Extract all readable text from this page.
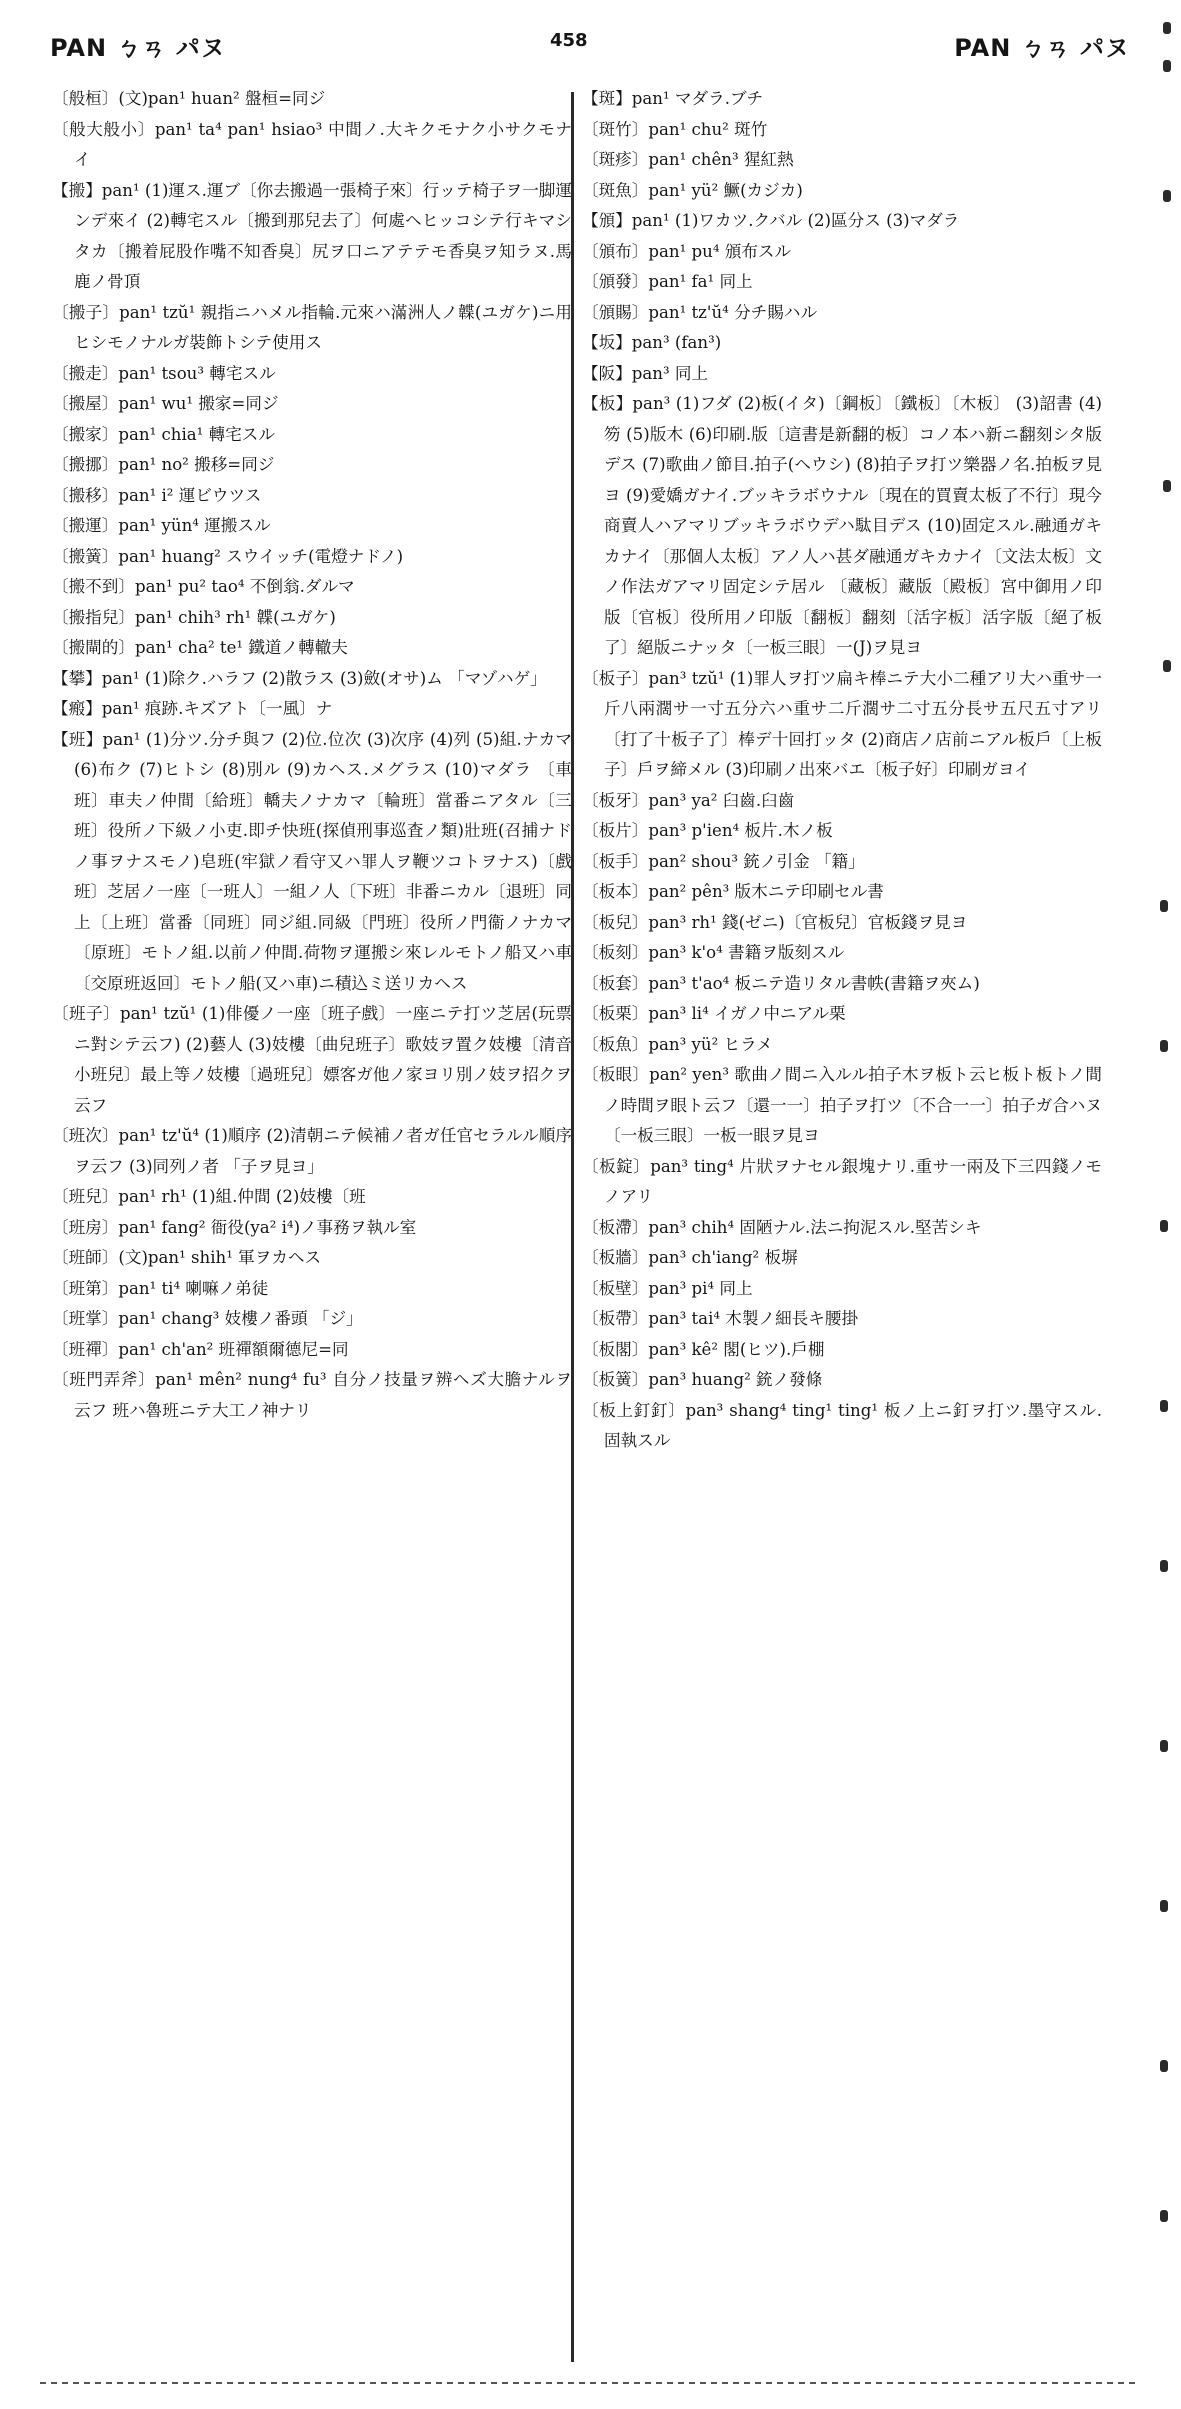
PAN ㄅㄢ パヌ	458	PAN ㄅㄢ パヌ

〔般桓〕(文)pan¹ huan² 盤桓=同ジ

〔般大般小〕pan¹ ta⁴ pan¹ hsiao³ 中間ノ.大キクモナク小サクモナイ

【搬】pan¹ (1)運ス.運ブ〔你去搬過一張椅子來〕行ッテ椅子ヲ一脚運ンデ來イ (2)轉宅スル〔搬到那兒去了〕何處ヘヒッコシテ行キマシタカ〔搬着屁股作嘴不知香臭〕尻ヲ口ニアテテモ香臭ヲ知ラヌ.馬鹿ノ骨頂

〔搬子〕pan¹ tzŭ¹ 親指ニハメル指輪.元來ハ滿洲人ノ韘(ユガケ)ニ用ヒシモノナルガ裝飾トシテ使用ス

〔搬走〕pan¹ tsou³ 轉宅スル

〔搬屋〕pan¹ wu¹ 搬家=同ジ

〔搬家〕pan¹ chia¹ 轉宅スル

〔搬挪〕pan¹ no² 搬移=同ジ

〔搬移〕pan¹ i² 運ビウツス

〔搬運〕pan¹ yün⁴ 運搬スル

〔搬簧〕pan¹ huang² スウイッチ(電燈ナドノ)

〔搬不到〕pan¹ pu² tao⁴ 不倒翁.ダルマ

〔搬指兒〕pan¹ chih³ rh¹ 韘(ユガケ)

〔搬閘的〕pan¹ cha² te¹ 鐵道ノ轉轍夫

【攀】pan¹ (1)除ク.ハラフ (2)散ラス (3)斂(オサ)ム 「マゾハゲ」

【瘢】pan¹ 痕跡.キズアト〔一風〕ナ

【班】pan¹ (1)分ツ.分チ與フ (2)位.位次 (3)次序 (4)列 (5)組.ナカマ (6)布ク (7)ヒトシ (8)別ル (9)カヘス.メグラス (10)マダラ 〔車班〕車夫ノ仲間〔給班〕轎夫ノナカマ〔輪班〕當番ニアタル〔三班〕役所ノ下級ノ小吏.即チ快班(探偵刑事巡査ノ類)壯班(召捕ナドノ事ヲナスモノ)皂班(牢獄ノ看守又ハ罪人ヲ鞭ツコトヲナス)〔戲班〕芝居ノ一座〔一班人〕一組ノ人〔下班〕非番ニカル〔退班〕同上〔上班〕當番〔同班〕同ジ組.同級〔門班〕役所ノ門衞ノナカマ〔原班〕モトノ組.以前ノ仲間.荷物ヲ運搬シ來レルモトノ船又ハ車〔交原班返回〕モトノ船(又ハ車)ニ積込ミ送リカヘス

〔班子〕pan¹ tzŭ¹ (1)俳優ノ一座〔班子戲〕一座ニテ打ツ芝居(玩票ニ對シテ云フ) (2)藝人 (3)妓樓〔曲兒班子〕歌妓ヲ置ク妓樓〔清音小班兒〕最上等ノ妓樓〔過班兒〕嫖客ガ他ノ家ヨリ別ノ妓ヲ招クヲ云フ

〔班次〕pan¹ tz'ŭ⁴ (1)順序 (2)清朝ニテ候補ノ者ガ任官セラルル順序ヲ云フ (3)同列ノ者 「子ヲ見ヨ」

〔班兒〕pan¹ rh¹ (1)組.仲間 (2)妓樓〔班

〔班房〕pan¹ fang² 衙役(ya² i⁴)ノ事務ヲ執ル室

〔班師〕(文)pan¹ shih¹ 軍ヲカヘス

〔班第〕pan¹ ti⁴ 喇嘛ノ弟徒

〔班掌〕pan¹ chang³ 妓樓ノ番頭 「ジ」

〔班禪〕pan¹ ch'an² 班禪額爾德尼=同

〔班門弄斧〕pan¹ mên² nung⁴ fu³ 自分ノ技量ヲ辨ヘズ大膽ナルヲ云フ 班ハ魯班ニテ大工ノ神ナリ

【斑】pan¹ マダラ.ブチ

〔斑竹〕pan¹ chu² 斑竹

〔斑疹〕pan¹ chên³ 猩紅熱

〔斑魚〕pan¹ yü² 鱖(カジカ)

【頒】pan¹ (1)ワカツ.クバル (2)區分ス (3)マダラ

〔頒布〕pan¹ pu⁴ 頒布スル

〔頒發〕pan¹ fa¹ 同上

〔頒賜〕pan¹ tz'ŭ⁴ 分チ賜ハル

【坂】pan³ (fan³)

【阪】pan³ 同上

【板】pan³ (1)フダ (2)板(イタ)〔鋼板〕〔鐵板〕〔木板〕 (3)詔書 (4)笏 (5)版木 (6)印刷.版〔這書是新翻的板〕コノ本ハ新ニ翻刻シタ版デス (7)歌曲ノ節目.拍子(ヘウシ) (8)拍子ヲ打ツ樂器ノ名.拍板ヲ見ヨ (9)愛嬌ガナイ.ブッキラボウナル〔現在的買賣太板了不行〕現今商賣人ハアマリブッキラボウデハ駄目デス (10)固定スル.融通ガキカナイ〔那個人太板〕アノ人ハ甚ダ融通ガキカナイ〔文法太板〕文ノ作法ガアマリ固定シテ居ル 〔藏板〕藏版〔殿板〕宮中御用ノ印版〔官板〕役所用ノ印版〔翻板〕翻刻〔活字板〕活字版〔絕了板了〕絕版ニナッタ〔一板三眼〕一(J)ヲ見ヨ

〔板子〕pan³ tzŭ¹ (1)罪人ヲ打ツ扁キ棒ニテ大小二種アリ大ハ重サ一斤八兩濶サ一寸五分六ハ重サ二斤濶サ二寸五分長サ五尺五寸アリ〔打了十板子了〕棒デ十回打ッタ (2)商店ノ店前ニアル板戶〔上板子〕戶ヲ締メル (3)印刷ノ出來バエ〔板子好〕印刷ガヨイ

〔板牙〕pan³ ya² 臼齒.臼齒

〔板片〕pan³ p'ien⁴ 板片.木ノ板

〔板手〕pan² shou³ 銃ノ引金 「籍」

〔板本〕pan² pên³ 版木ニテ印刷セル書

〔板兒〕pan³ rh¹ 錢(ゼニ)〔官板兒〕官板錢ヲ見ヨ

〔板刻〕pan³ k'o⁴ 書籍ヲ版刻スル

〔板套〕pan³ t'ao⁴ 板ニテ造リタル書帙(書籍ヲ夾ム)

〔板栗〕pan³ li⁴ イガノ中ニアル栗

〔板魚〕pan³ yü² ヒラメ

〔板眼〕pan² yen³ 歌曲ノ間ニ入ルル拍子木ヲ板ト云ヒ板ト板トノ間ノ時間ヲ眼ト云フ〔還一一〕拍子ヲ打ツ〔不合一一〕拍子ガ合ハヌ〔一板三眼〕一板一眼ヲ見ヨ

〔板錠〕pan³ ting⁴ 片狀ヲナセル銀塊ナリ.重サ一兩及下三四錢ノモノアリ

〔板滯〕pan³ chih⁴ 固陋ナル.法ニ拘泥スル.堅苦シキ

〔板牆〕pan³ ch'iang² 板塀

〔板壁〕pan³ pi⁴ 同上

〔板帶〕pan³ tai⁴ 木製ノ細長キ腰掛

〔板閣〕pan³ kê² 閣(ヒツ).戶棚

〔板簧〕pan³ huang² 銃ノ發條

〔板上釘釘〕pan³ shang⁴ ting¹ ting¹ 板ノ上ニ釘ヲ打ツ.墨守スル.固執スル
